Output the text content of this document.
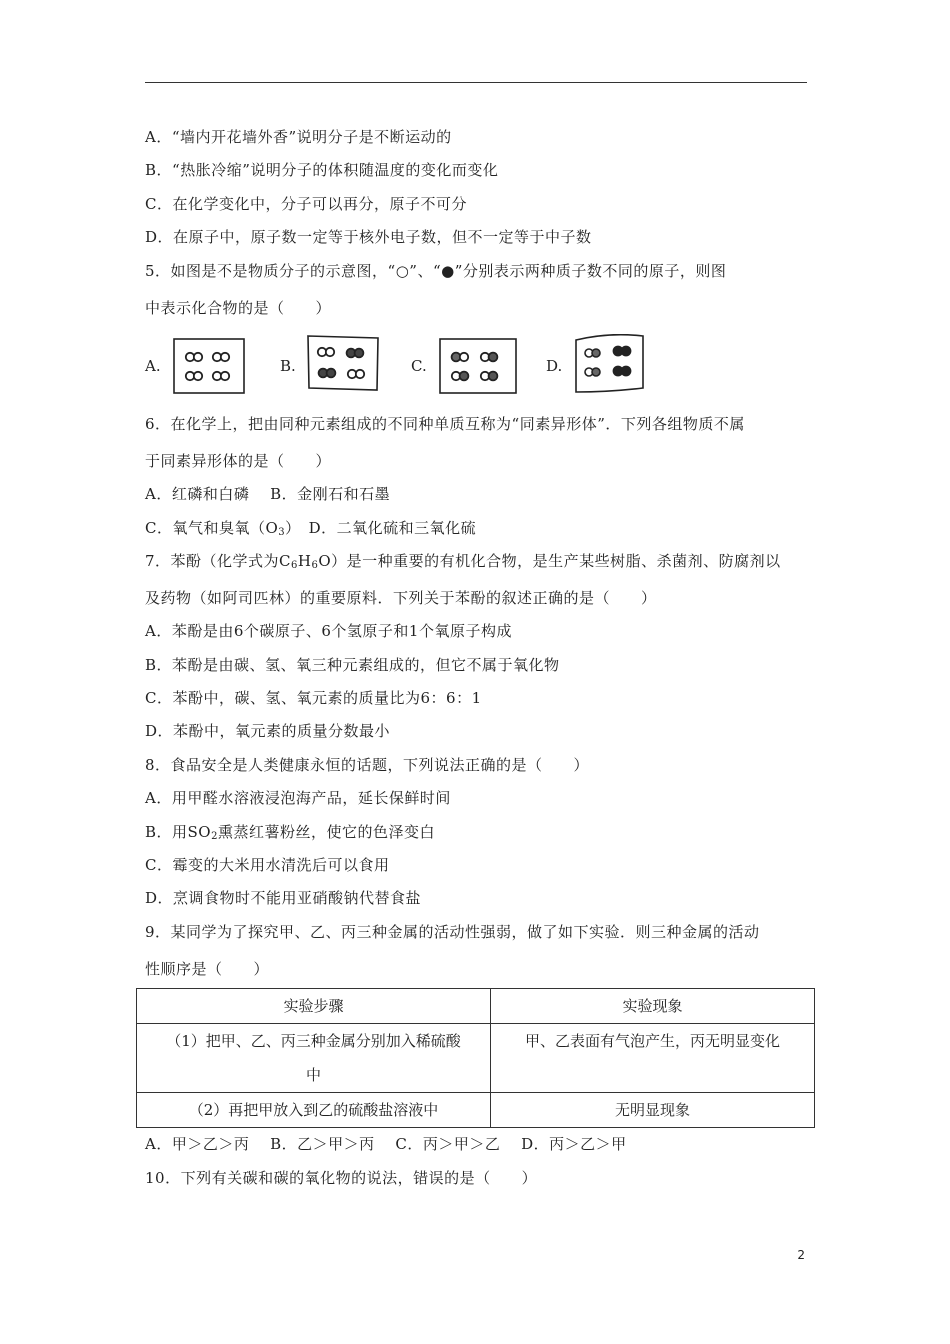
A．“墙内开花墙外香”说明分子是不断运动的
B．“热胀冷缩”说明分子的体积随温度的变化而变化
C．在化学变化中，分子可以再分，原子不可分
D．在原子中，原子数一定等于核外电子数，但不一定等于中子数
5．如图是不是物质分子的示意图，“○”、“●”分别表示两种质子数不同的原子，则图
中表示化合物的是（　　）
A.	B.	C.	D.
6．在化学上，把由同种元素组成的不同种单质互称为“同素异形体”．下列各组物质不属
于同素异形体的是（　　）
A．红磷和白磷　 B．金刚石和石墨
C．氧气和臭氧$(O_3)$　D．二氧化硫和三氧化硫
7．苯酚（化学式为$C_6H_6O$）是一种重要的有机化合物，是生产某些树脂、杀菌剂、防腐剂以
及药物（如阿司匹林）的重要原料．下列关于苯酚的叙述正确的是（　　）
A．苯酚是由6个碳原子、6个氢原子和1个氧原子构成
B．苯酚是由碳、氢、氧三种元素组成的，但它不属于氧化物
C．苯酚中，碳、氢、氧元素的质量比为6：6：1
D．苯酚中，氧元素的质量分数最小
8．食品安全是人类健康永恒的话题，下列说法正确的是（　　）
A．用甲醛水溶液浸泡海产品，延长保鲜时间
B．用$SO_2$熏蒸红薯粉丝，使它的色泽变白
C．霉变的大米用水清洗后可以食用
D．烹调食物时不能用亚硝酸钠代替食盐
9．某同学为了探究甲、乙、丙三种金属的活动性强弱，做了如下实验．则三种金属的活动
性顺序是（　　）
实验步骤	实验现象

（1）把甲、乙、丙三种金属分别加入稀硫酸
中	甲、乙表面有气泡产生，丙无明显变化
（2）再把甲放入到乙的硫酸盐溶液中	无明显现象
A．甲＞乙＞丙　 B．乙＞甲＞丙　 C．丙＞甲＞乙　 D．丙＞乙＞甲
10．下列有关碳和碳的氧化物的说法，错误的是（　　）
2
